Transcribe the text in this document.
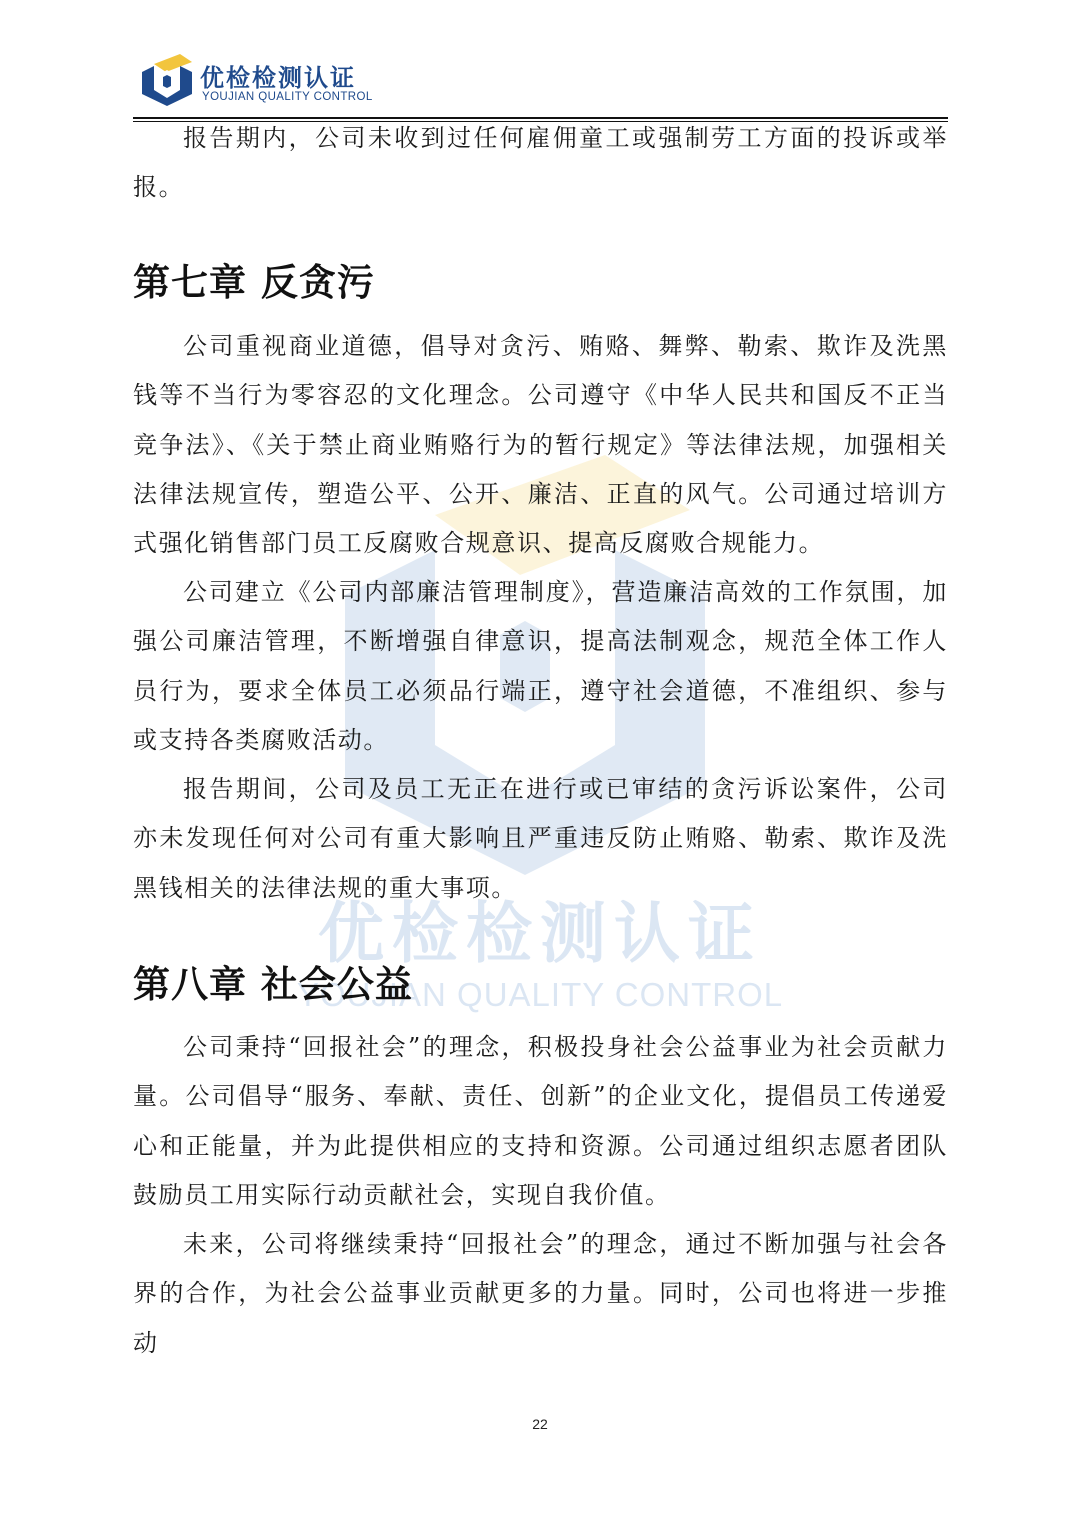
优检检测认证
YOUJIAN QUALITY CONTROL
优检检测认证
YOUJIAN QUALITY CONTROL
报告期内，公司未收到过任何雇佣童工或强制劳工方面的投诉或举报。
第七章 反贪污
公司重视商业道德，倡导对贪污、贿赂、舞弊、勒索、欺诈及洗黑钱等不当行为零容忍的文化理念。公司遵守《中华人民共和国反不正当竞争法》、《关于禁止商业贿赂行为的暂行规定》等法律法规，加强相关法律法规宣传，塑造公平、公开、廉洁、正直的风气。公司通过培训方式强化销售部门员工反腐败合规意识、提高反腐败合规能力。
公司建立《公司内部廉洁管理制度》，营造廉洁高效的工作氛围，加强公司廉洁管理，不断增强自律意识，提高法制观念，规范全体工作人员行为，要求全体员工必须品行端正，遵守社会道德，不准组织、参与或支持各类腐败活动。
报告期间，公司及员工无正在进行或已审结的贪污诉讼案件，公司亦未发现任何对公司有重大影响且严重违反防止贿赂、勒索、欺诈及洗黑钱相关的法律法规的重大事项。
第八章 社会公益
公司秉持“回报社会”的理念，积极投身社会公益事业为社会贡献力量。公司倡导“服务、奉献、责任、创新”的企业文化，提倡员工传递爱心和正能量，并为此提供相应的支持和资源。公司通过组织志愿者团队鼓励员工用实际行动贡献社会，实现自我价值。
未来，公司将继续秉持“回报社会”的理念，通过不断加强与社会各界的合作，为社会公益事业贡献更多的力量。同时，公司也将进一步推动
22
